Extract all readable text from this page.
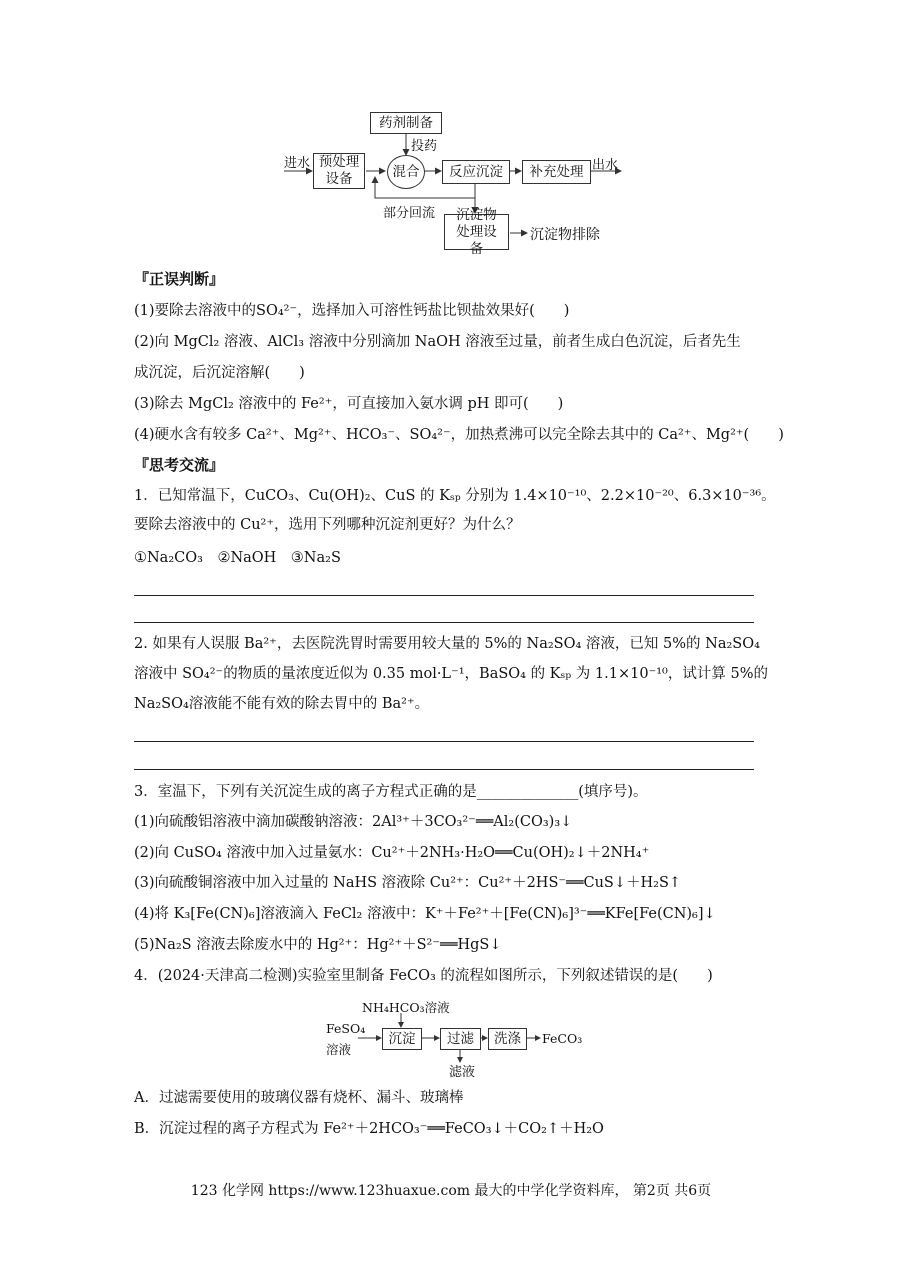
药剂制备
投药
进水 预处理设备	混合	反应沉淀	补充处理 出水
部分回流	沉淀物处理设备
沉淀物排除
『正误判断』
(1)要除去溶液中的SO₄²⁻，选择加入可溶性钙盐比钡盐效果好(　　)
(2)向 MgCl₂ 溶液、AlCl₃ 溶液中分别滴加 NaOH 溶液至过量，前者生成白色沉淀，后者先生
成沉淀，后沉淀溶解(　　)
(3)除去 MgCl₂ 溶液中的 Fe²⁺，可直接加入氨水调 pH 即可(　　)
(4)硬水含有较多 Ca²⁺、Mg²⁺、HCO₃⁻、SO₄²⁻，加热煮沸可以完全除去其中的 Ca²⁺、Mg²⁺(　　)
『思考交流』
1．已知常温下，CuCO₃、Cu(OH)₂、CuS 的 Kₛₚ 分别为 1.4×10⁻¹⁰、2.2×10⁻²⁰、6.3×10⁻³⁶。
要除去溶液中的 Cu²⁺，选用下列哪种沉淀剂更好？为什么？
①Na₂CO₃　②NaOH　③Na₂S
2. 如果有人误服 Ba²⁺，去医院洗胃时需要用较大量的 5%的 Na₂SO₄ 溶液，已知 5%的 Na₂SO₄
溶液中 SO₄²⁻的物质的量浓度近似为 0.35 mol·L⁻¹，BaSO₄ 的 Kₛₚ 为 1.1×10⁻¹⁰，试计算 5%的
Na₂SO₄溶液能不能有效的除去胃中的 Ba²⁺。
3．室温下，下列有关沉淀生成的离子方程式正确的是______________(填序号)。
(1)向硫酸铝溶液中滴加碳酸钠溶液：2Al³⁺＋3CO₃²⁻══Al₂(CO₃)₃↓
(2)向 CuSO₄ 溶液中加入过量氨水：Cu²⁺＋2NH₃·H₂O══Cu(OH)₂↓＋2NH₄⁺
(3)向硫酸铜溶液中加入过量的 NaHS 溶液除 Cu²⁺：Cu²⁺＋2HS⁻══CuS↓＋H₂S↑
(4)将 K₃[Fe(CN)₆]溶液滴入 FeCl₂ 溶液中：K⁺＋Fe²⁺＋[Fe(CN)₆]³⁻══KFe[Fe(CN)₆]↓
(5)Na₂S 溶液去除废水中的 Hg²⁺：Hg²⁺＋S²⁻══HgS↓
4．(2024·天津高二检测)实验室里制备 FeCO₃ 的流程如图所示，下列叙述错误的是(　　)
NH₄HCO₃溶液
FeSO₄
溶液
沉淀	过滤	洗涤	FeCO₃
滤液
A．过滤需要使用的玻璃仪器有烧杯、漏斗、玻璃棒
B．沉淀过程的离子方程式为 Fe²⁺＋2HCO₃⁻══FeCO₃↓＋CO₂↑＋H₂O
123 化学网 https://www.123huaxue.com 最大的中学化学资料库， 第2页 共6页
